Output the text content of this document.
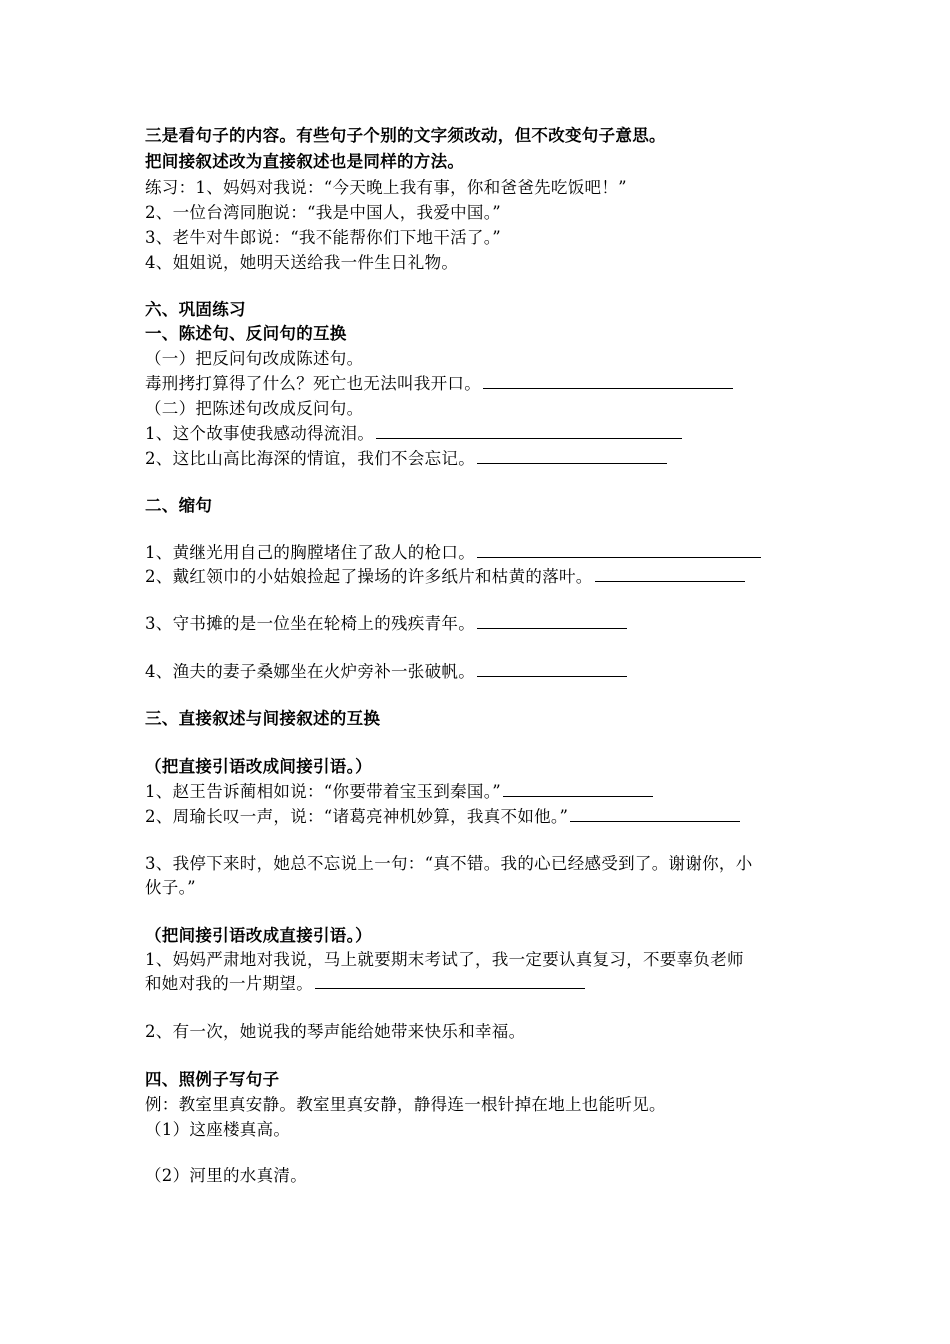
三是看句子的内容。有些句子个别的文字须改动，但不改变句子意思。

把间接叙述改为直接叙述也是同样的方法。

练习：1、妈妈对我说：“今天晚上我有事，你和爸爸先吃饭吧！”

2、一位台湾同胞说：“我是中国人，我爱中国。”

3、老牛对牛郎说：“我不能帮你们下地干活了。”

4、姐姐说，她明天送给我一件生日礼物。

六、巩固练习

一、陈述句、反问句的互换

（一）把反问句改成陈述句。

毒刑拷打算得了什么？死亡也无法叫我开口。

（二）把陈述句改成反问句。

1、这个故事使我感动得流泪。

2、这比山高比海深的情谊，我们不会忘记。

二、缩句

1、黄继光用自己的胸膛堵住了敌人的枪口。

2、戴红领巾的小姑娘捡起了操场的许多纸片和枯黄的落叶。

3、守书摊的是一位坐在轮椅上的残疾青年。

4、渔夫的妻子桑娜坐在火炉旁补一张破帆。

三、直接叙述与间接叙述的互换

（把直接引语改成间接引语。）

1、赵王告诉蔺相如说：“你要带着宝玉到秦国。”

2、周瑜长叹一声，说：“诸葛亮神机妙算，我真不如他。”

3、我停下来时，她总不忘说上一句：“真不错。我的心已经感受到了。谢谢你，小

伙子。”

（把间接引语改成直接引语。）

1、妈妈严肃地对我说，马上就要期末考试了，我一定要认真复习，不要辜负老师

和她对我的一片期望。

2、有一次，她说我的琴声能给她带来快乐和幸福。

四、照例子写句子

例：教室里真安静。教室里真安静，静得连一根针掉在地上也能听见。

（1）这座楼真高。

（2）河里的水真清。
